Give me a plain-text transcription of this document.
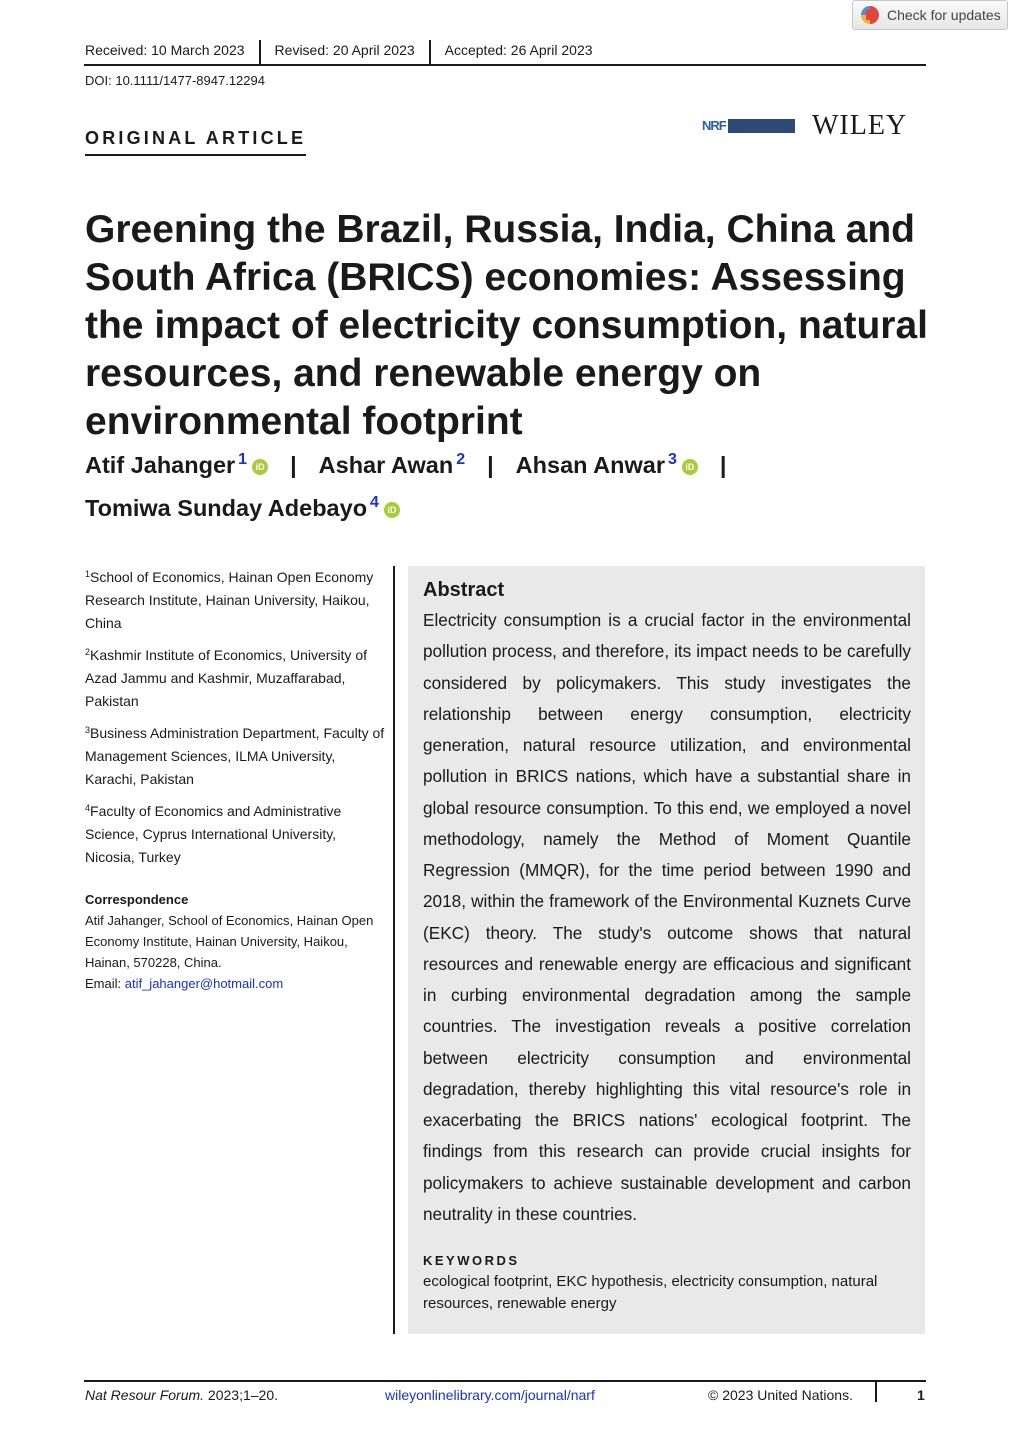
Check for updates
Received: 10 March 2023	Revised: 20 April 2023	Accepted: 26 April 2023
DOI: 10.1111/1477-8947.12294
ORIGINAL ARTICLE
NRF	WILEY
Greening the Brazil, Russia, India, China and South Africa (BRICS) economies: Assessing the impact of electricity consumption, natural resources, and renewable energy on environmental footprint
Atif Jahanger $^1$ iD | Ashar Awan $^2$ | Ahsan Anwar $^3$ iD |
Tomiwa Sunday Adebayo $^4$ iD
$^1$School of Economics, Hainan Open Economy Research Institute, Hainan University, Haikou, China
$^2$Kashmir Institute of Economics, University of Azad Jammu and Kashmir, Muzaffarabad, Pakistan
$^3$Business Administration Department, Faculty of Management Sciences, ILMA University, Karachi, Pakistan
$^4$Faculty of Economics and Administrative Science, Cyprus International University, Nicosia, Turkey
Correspondence
Atif Jahanger, School of Economics, Hainan Open Economy Institute, Hainan University, Haikou, Hainan, 570228, China.
Email: atif_jahanger@hotmail.com
Abstract

Electricity consumption is a crucial factor in the environmental pollution process, and therefore, its impact needs to be carefully considered by policymakers. This study investigates the relationship between energy consumption, electricity generation, natural resource utilization, and environmental pollution in BRICS nations, which have a substantial share in global resource consumption. To this end, we employed a novel methodology, namely the Method of Moment Quantile Regression (MMQR), for the time period between 1990 and 2018, within the framework of the Environmental Kuznets Curve (EKC) theory. The study's outcome shows that natural resources and renewable energy are efficacious and significant in curbing environmental degradation among the sample countries. The investigation reveals a positive correlation between electricity consumption and environmental degradation, thereby highlighting this vital resource's role in exacerbating the BRICS nations' ecological footprint. The findings from this research can provide crucial insights for policymakers to achieve sustainable development and carbon neutrality in these countries.

KEYWORDS
ecological footprint, EKC hypothesis, electricity consumption, natural resources, renewable energy
Nat Resour Forum. 2023;1–20.	wileyonlinelibrary.com/journal/narf	© 2023 United Nations.	1
